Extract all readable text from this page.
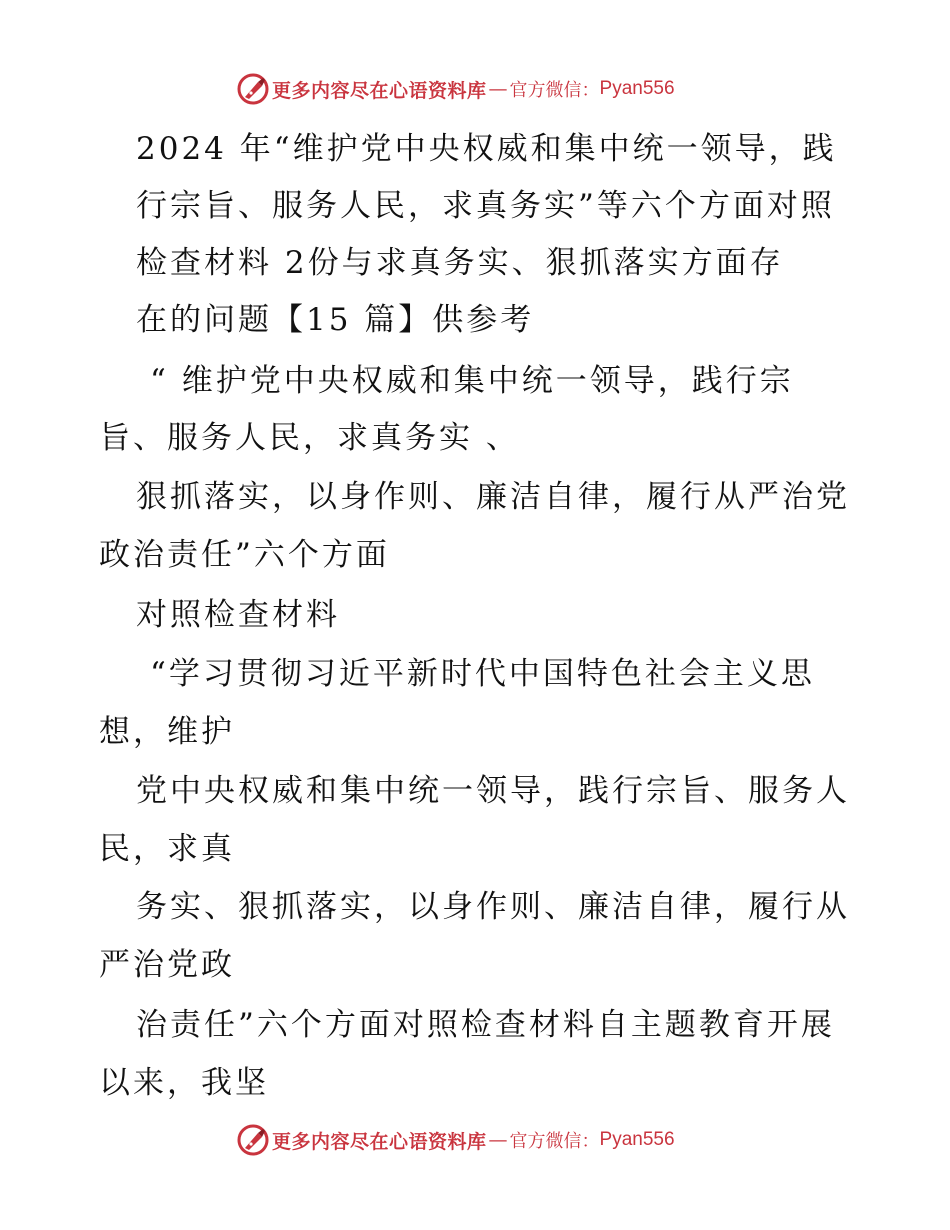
更多内容尽在心语资料库 — 官方微信： Pyan556
2024 年“维护党中央权威和集中统一领导，践
行宗旨、服务人民，求真务实”等六个方面对照
检查材料 2份与求真务实、狠抓落实方面存
在的问题【15 篇】供参考
“ 维护党中央权威和集中统一领导，践行宗
旨、服务人民，求真务实 、
狠抓落实，以身作则、廉洁自律，履行从严治党
政治责任”六个方面
对照检查材料
“学习贯彻习近平新时代中国特色社会主义思
想，维护
党中央权威和集中统一领导，践行宗旨、服务人
民，求真
务实、狠抓落实，以身作则、廉洁自律，履行从
严治党政
治责任”六个方面对照检查材料自主题教育开展
以来，我坚
更多内容尽在心语资料库 — 官方微信： Pyan556
